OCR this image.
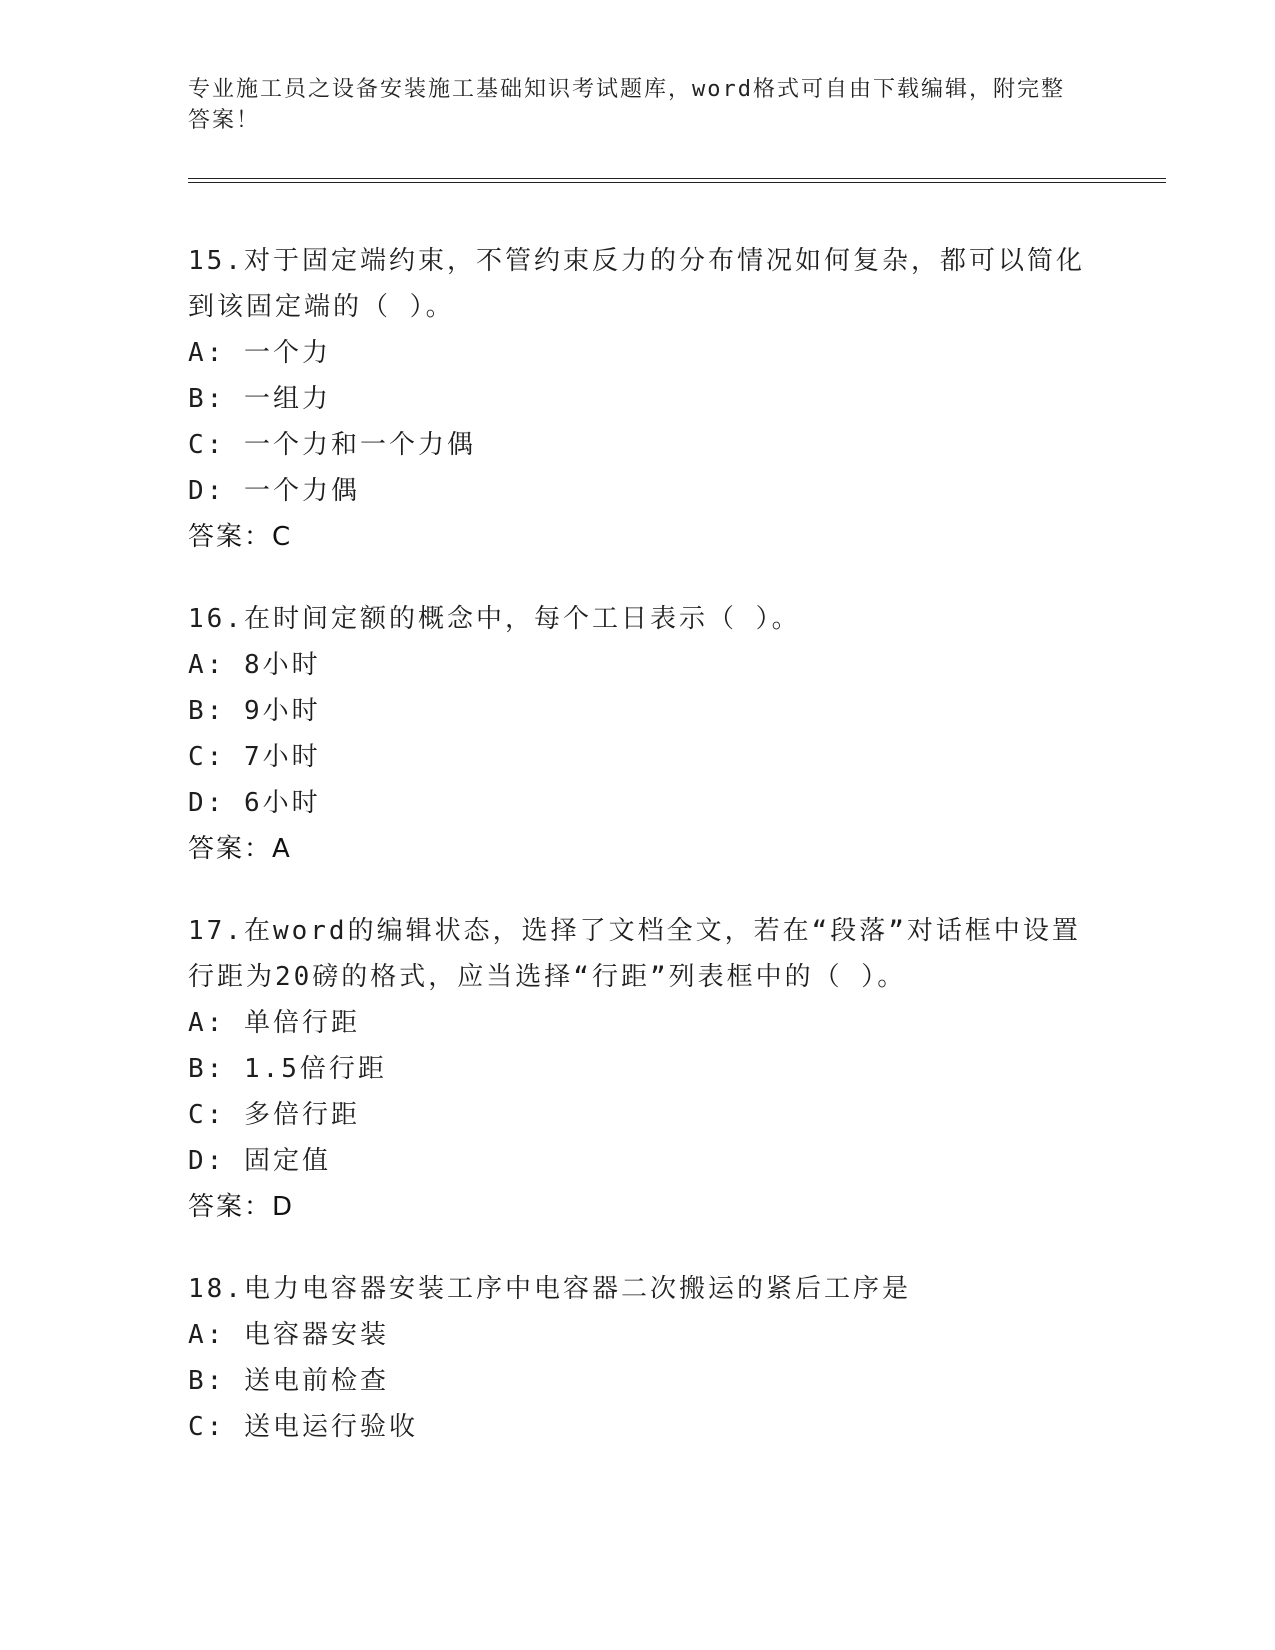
专业施工员之设备安装施工基础知识考试题库，word格式可自由下载编辑，附完整答案！
15.对于固定端约束，不管约束反力的分布情况如何复杂，都可以简化到该固定端的（ ）。
A: 一个力
B: 一组力
C: 一个力和一个力偶
D: 一个力偶
答案：C
16.在时间定额的概念中，每个工日表示（ ）。
A: 8小时
B: 9小时
C: 7小时
D: 6小时
答案：A
17.在word的编辑状态，选择了文档全文，若在“段落”对话框中设置行距为20磅的格式，应当选择“行距”列表框中的（ ）。
A: 单倍行距
B: 1.5倍行距
C: 多倍行距
D: 固定值
答案：D
18.电力电容器安装工序中电容器二次搬运的紧后工序是
A: 电容器安装
B: 送电前检查
C: 送电运行验收
